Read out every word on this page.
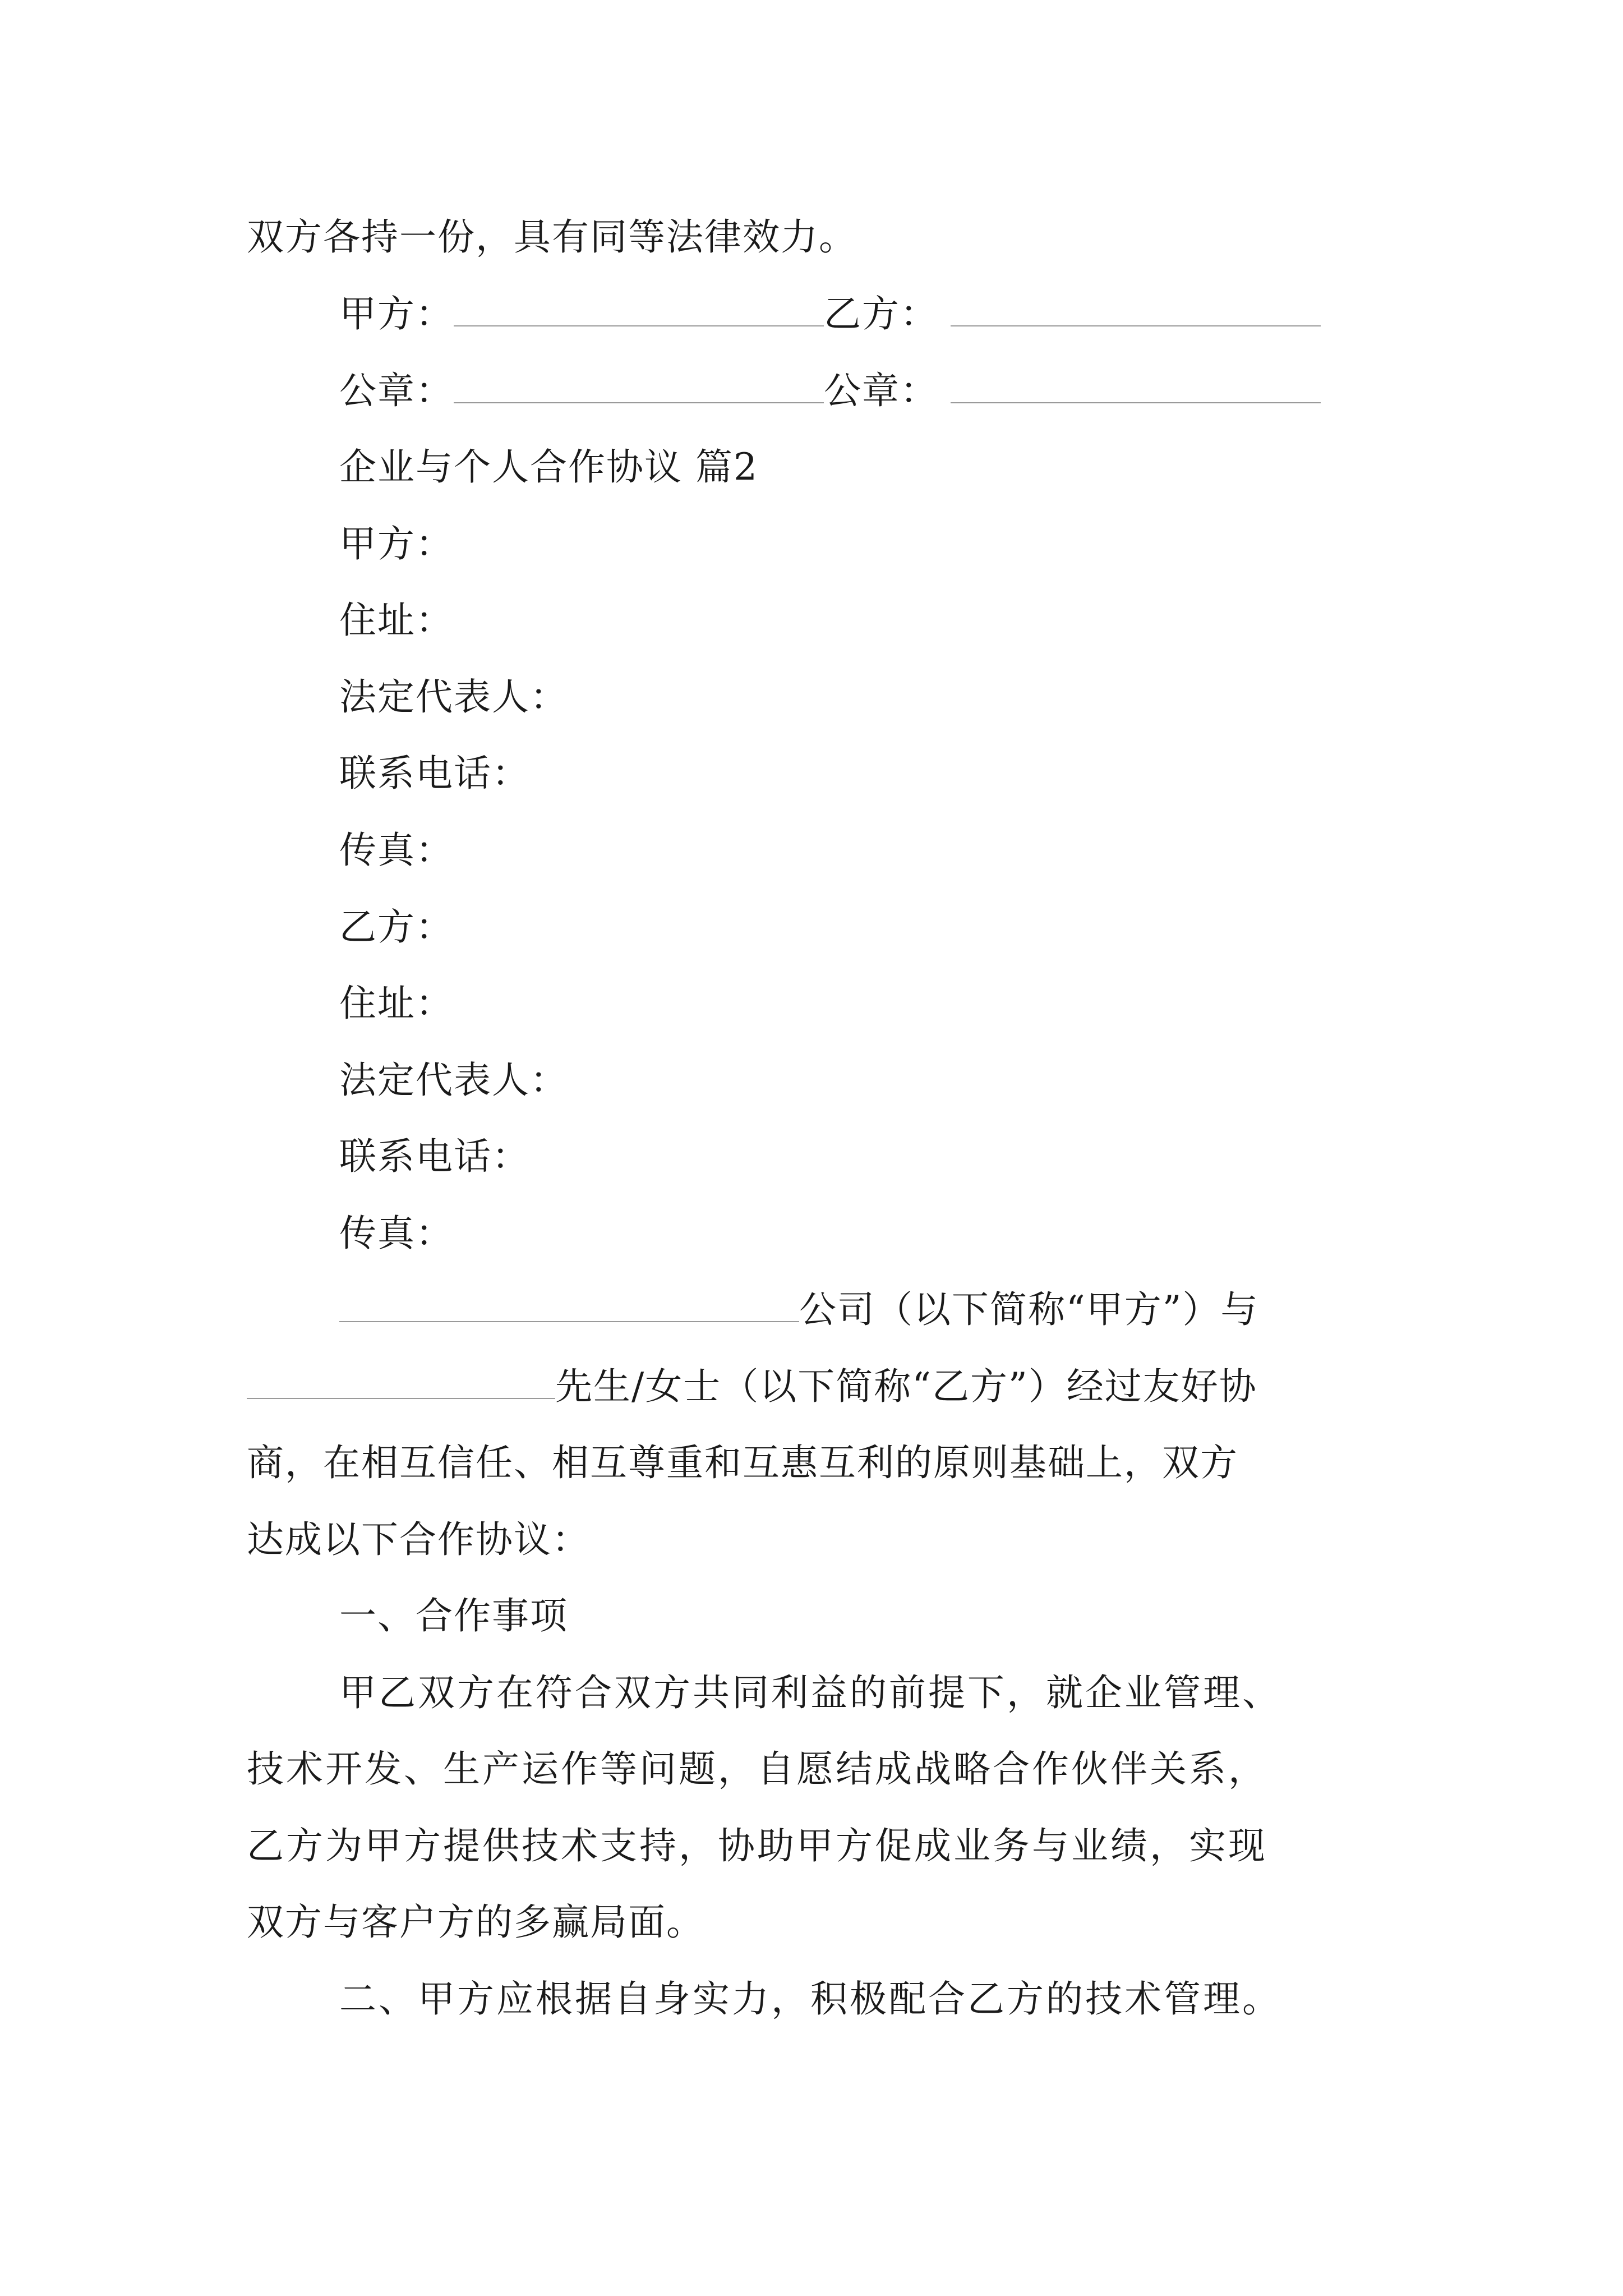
双方各持一份，具有同等法律效力。
甲方：	乙方：
公章：	公章：
企业与个人合作协议 篇2
甲方：
住址：
法定代表人：
联系电话：
传真：
乙方：
住址：
法定代表人：
联系电话：
传真：
公司（以下简称“甲方”）与
先生/女士（以下简称“乙方”）经过友好协
商，在相互信任、相互尊重和互惠互利的原则基础上，双方
达成以下合作协议：
一、合作事项
甲乙双方在符合双方共同利益的前提下，就企业管理、
技术开发、生产运作等问题，自愿结成战略合作伙伴关系，
乙方为甲方提供技术支持，协助甲方促成业务与业绩，实现
双方与客户方的多赢局面。
二、甲方应根据自身实力，积极配合乙方的技术管理。
